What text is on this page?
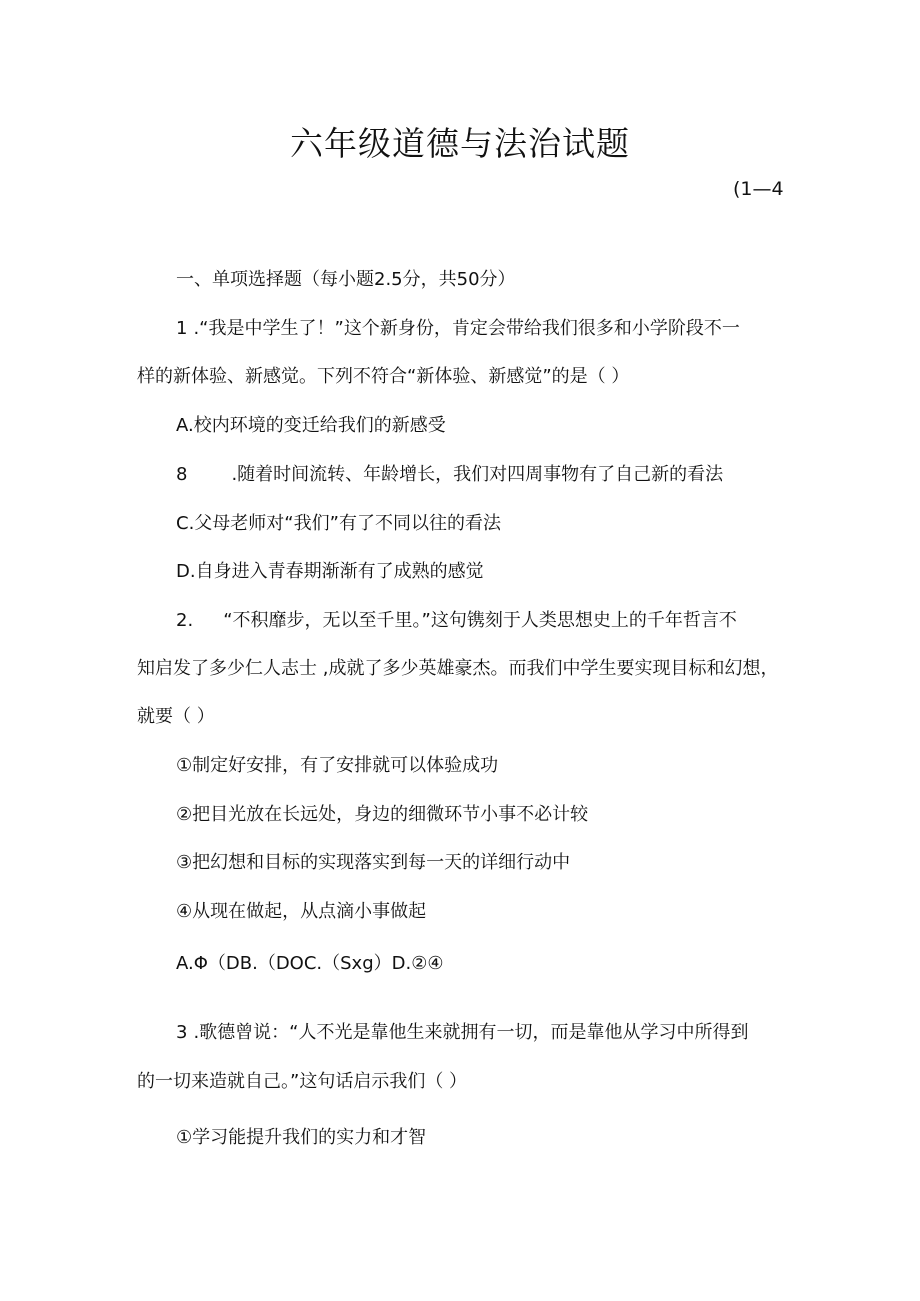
六年级道德与法治试题
(1—4
一、单项选择题（每小题2.5分，共50分）
1 .“我是中学生了！”这个新身份，肯定会带给我们很多和小学阶段不一
样的新体验、新感觉。下列不符合“新体验、新感觉”的是（ ）
A.校内环境的变迁给我们的新感受
8 .随着时间流转、年龄增长，我们对四周事物有了自己新的看法
C.父母老师对“我们”有了不同以往的看法
D.自身进入青春期渐渐有了成熟的感觉
2. “不积靡步，无以至千里。”这句镌刻于人类思想史上的千年哲言不
知启发了多少仁人志士 ,成就了多少英雄豪杰。而我们中学生要实现目标和幻想，
就要（ ）
①制定好安排，有了安排就可以体验成功
②把目光放在长远处，身边的细微环节小事不必计较
③把幻想和目标的实现落实到每一天的详细行动中
④从现在做起，从点滴小事做起
A.Φ（DB.（DOC.（Sxg）D.②④
3 .歌德曾说：“人不光是靠他生来就拥有一切，而是靠他从学习中所得到
的一切来造就自己。”这句话启示我们（ ）
①学习能提升我们的实力和才智
